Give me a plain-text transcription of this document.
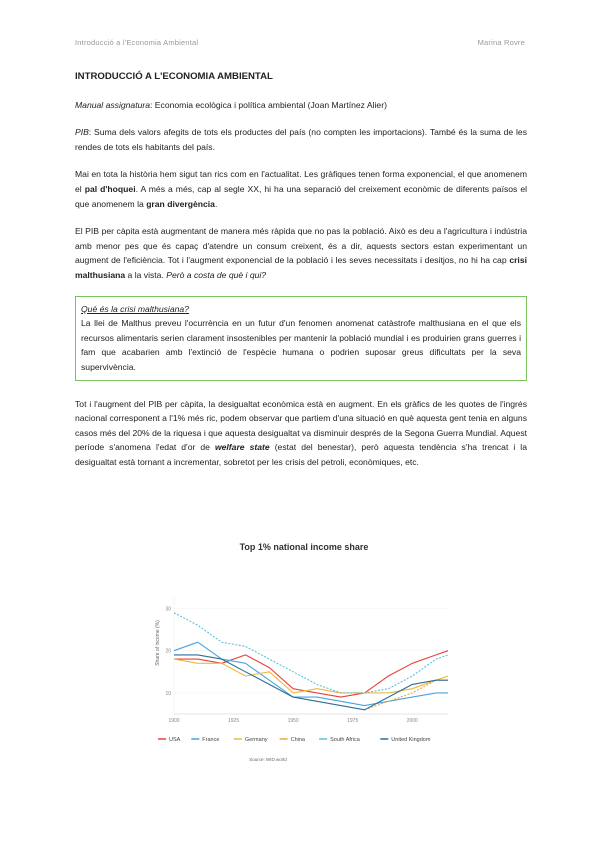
Introducció a l'Economia Ambiental	Marina Rovre
INTRODUCCIÓ A L'ECONOMIA AMBIENTAL

Manual assignatura: Economia ecològica i política ambiental (Joan Martínez Alier)

PIB: Suma dels valors afegits de tots els productes del país (no compten les importacions). També és la suma de les rendes de tots els habitants del país.

Mai en tota la història hem sigut tan rics com en l'actualitat. Les gràfiques tenen forma exponencial, el que anomenem el pal d'hoquei. A més a més, cap al segle XX, hi ha una separació del creixement econòmic de diferents països el que anomenem la gran divergència.

El PIB per càpita està augmentant de manera més ràpida que no pas la població. Això es deu a l'agricultura i indústria amb menor pes que és capaç d'atendre un consum creixent, és a dir, aquests sectors estan experimentant un augment de l'eficiència. Tot i l'augment exponencial de la població i les seves necessitats i desitjos, no hi ha cap crisi malthusiana a la vista. Però a costa de què i qui?

Què és la crisi malthusiana?
La llei de Malthus preveu l'ocurrència en un futur d'un fenomen anomenat catàstrofe malthusiana en el que els recursos alimentaris serien clarament insostenibles per mantenir la població mundial i es produirien grans guerres i fam que acabarien amb l'extinció de l'espècie humana o podrien suposar greus dificultats per la seva supervivència.

Tot i l'augment del PIB per càpita, la desigualtat econòmica està en augment. En els gràfics de les quotes de l'ingrés nacional corresponent a l'1% més ric, podem observar que partiem d'una situació en què aquesta gent tenia en alguns casos més del 20% de la riquesa i que aquesta desigualtat va disminuir després de la Segona Guerra Mundial. Aquest període s'anomena l'edat d'or de welfare state (estat del benestar), però aquesta tendència s'ha trencat i la desigualtat està tornant a incrementar, sobretot per les crisis del petroli, econòmiques, etc.

Top 1% national income share
Share of income (%)
Source: WID.world
10
20
30
1900	1925	1950	1975	2000
USA	France	Germany	China	South Africa	United Kingdom
